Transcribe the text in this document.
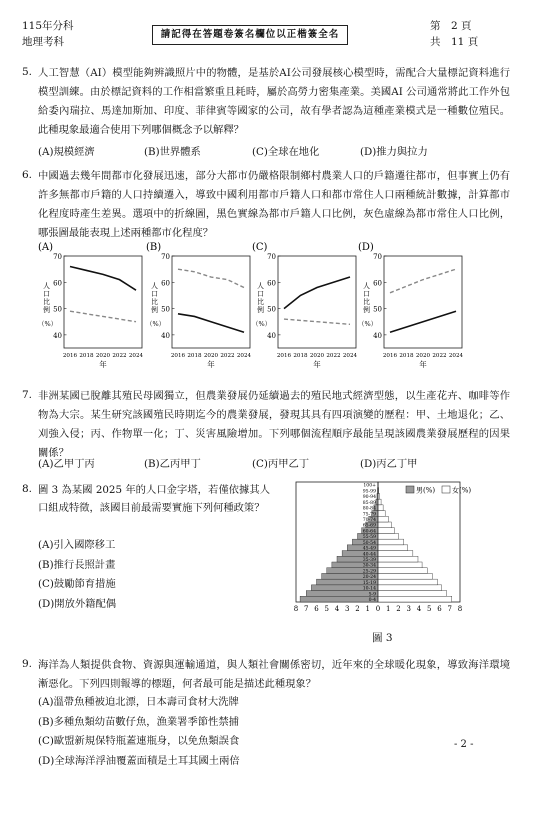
115年分科
地理考科
請記得在答題卷簽名欄位以正楷簽全名
第　2 頁
共　11 頁
5. 人工智慧（AI）模型能夠辨識照片中的物體，是基於AI公司發展核心模型時，需配合大量標記資料進行模型訓練。由於標記資料的工作相當繁重且耗時，屬於高勞力密集產業。美國AI 公司通常將此工作外包給委內瑞拉、馬達加斯加、印度、菲律賓等國家的公司，故有學者認為這種產業模式是一種數位殖民。此種現象最適合使用下列哪個概念予以解釋？
(A)規模經濟	(B)世界體系	(C)全球在地化	(D)推力與拉力
6. 中國過去幾年間都市化發展迅速，部分大都市仍嚴格限制鄉村農業人口的戶籍遷往都市，但事實上仍有許多無都市戶籍的人口持續遷入，導致中國利用都市戶籍人口和都市常住人口兩種統計數據，計算都市化程度時產生差異。選項中的折線圖，黑色實線為都市戶籍人口比例，灰色虛線為都市常住人口比例，哪張圖最能表現上述兩種都市化程度？
(A)
70
60
50
40
人口比例
（%）
2016 2018 2020 2022 2024
年
(B)
70
60
50
40
人口比例
（%）
2016 2018 2020 2022 2024
年
(C)
70
60
50
40
人口比例
（%）
2016 2018 2020 2022 2024
年
(D)
70
60
50
40
人口比例
（%）
2016 2018 2020 2022 2024
年
7. 非洲某國已脫離其殖民母國獨立，但農業發展仍延續過去的殖民地式經濟型態，以生產花卉、咖啡等作物為大宗。某生研究該國殖民時期迄今的農業發展，發現其具有四項演變的歷程：甲、土地退化；乙、刈強入侵；丙、作物單一化；丁、災害風險增加。下列哪個流程順序最能呈現該國農業發展歷程的因果關係？
(A)乙甲丁丙	(B)乙丙甲丁	(C)丙甲乙丁	(D)丙乙丁甲
8. 圖 3 為某國 2025 年的人口金字塔，若僅依據其人口組成特徵，該國目前最需要實施下列何種政策？
(A)引入國際移工
(B)推行長照計畫
(C)鼓勵節育措施
(D)開放外籍配偶	0-4
5-9
10-14
15-19
20-24
25-29
30-34
35-39
40-44
45-49
50-54
55-59
60-64
65-69
70-74
75-79
80-84
85-89
90-94
95-99
100+
8 7 6 5 4 3 2 1 0 1 2 3 4 5 6 7 8
男(%) 女(%)
圖 3
9. 海洋為人類提供食物、資源與運輸通道，與人類社會關係密切，近年來的全球暖化現象，導致海洋環境漸惡化。下列四則報導的標題，何者最可能是描述此種現象？
(A)溫帶魚種被迫北漂，日本壽司食材大洗牌
(B)多種魚類幼苗數仔魚，漁業署季節性禁捕
(C)歐盟新規保特瓶蓋連瓶身，以免魚類誤食
(D)全球海洋浮油覆蓋面積是土耳其國土兩倍
- 2 -
